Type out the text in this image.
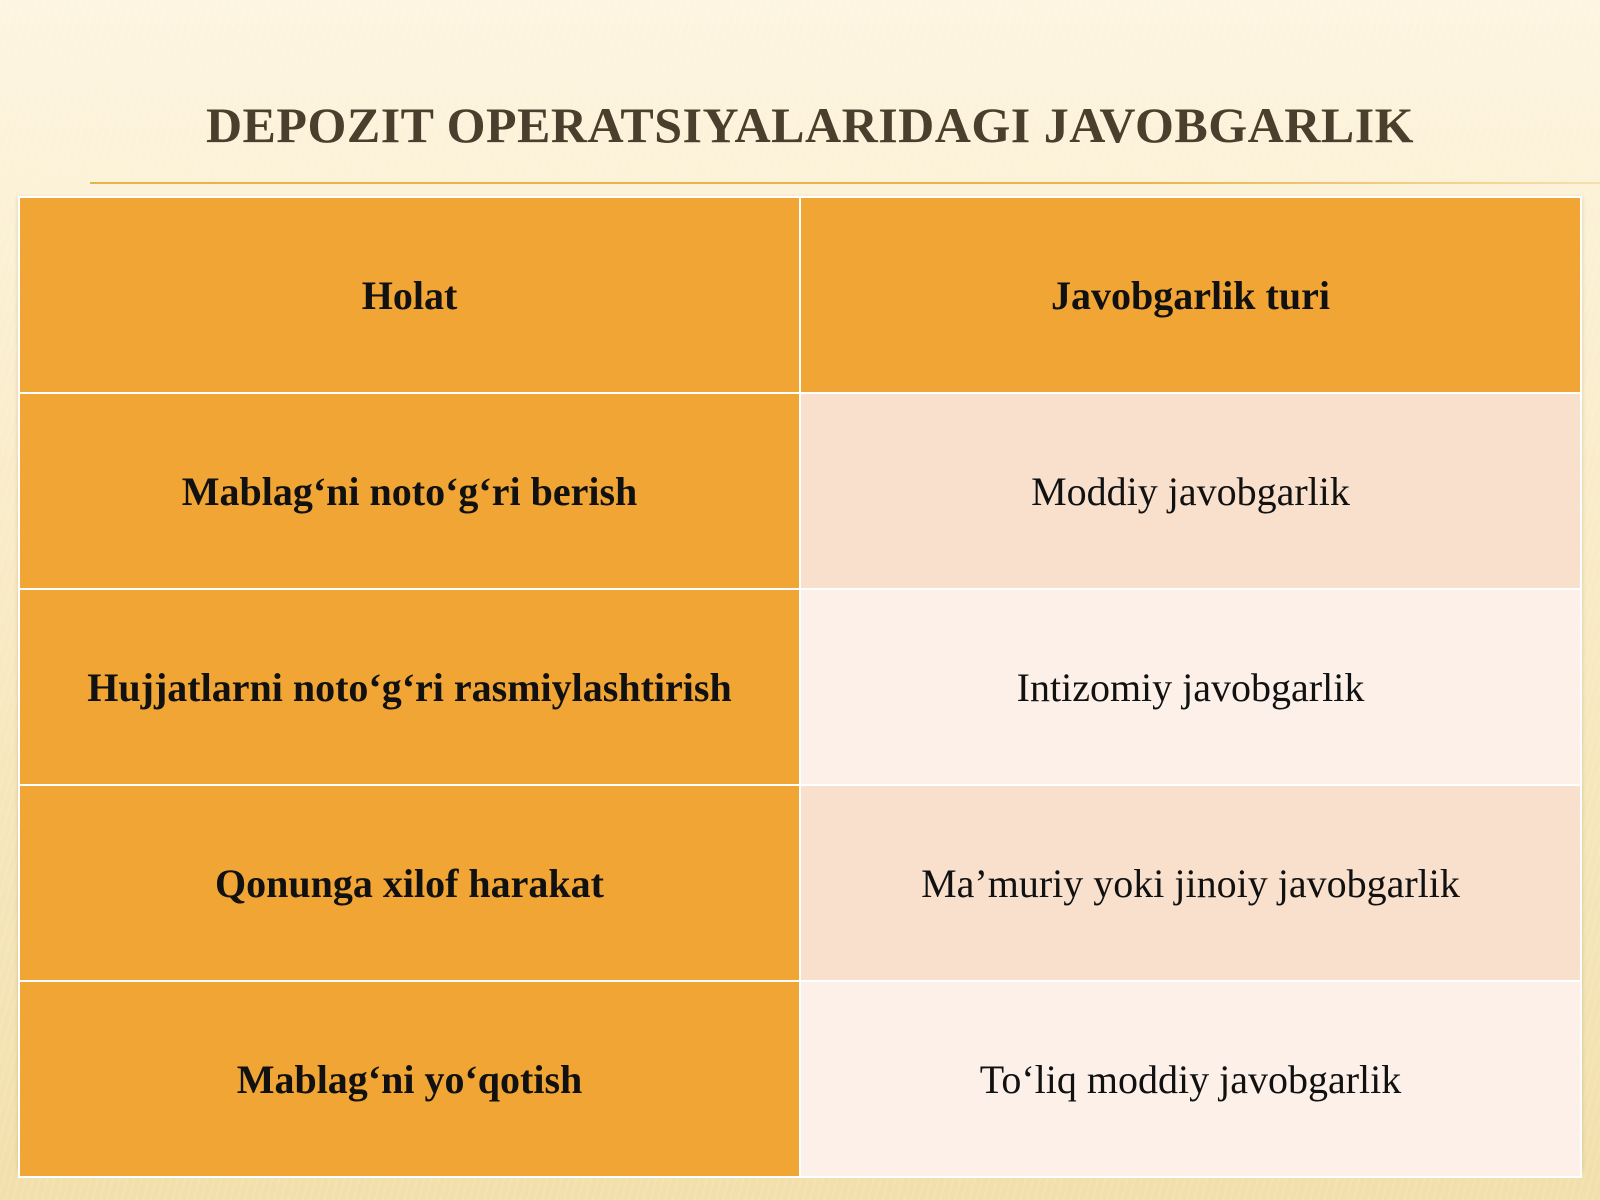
DEPOZIT OPERATSIYALARIDAGI JAVOBGARLIK
Holat	Javobgarlik turi
Mablag‘ni noto‘g‘ri berish	Moddiy javobgarlik
Hujjatlarni noto‘g‘ri rasmiylashtirish	Intizomiy javobgarlik
Qonunga xilof harakat	Ma’muriy yoki jinoiy javobgarlik
Mablag‘ni yo‘qotish	To‘liq moddiy javobgarlik
